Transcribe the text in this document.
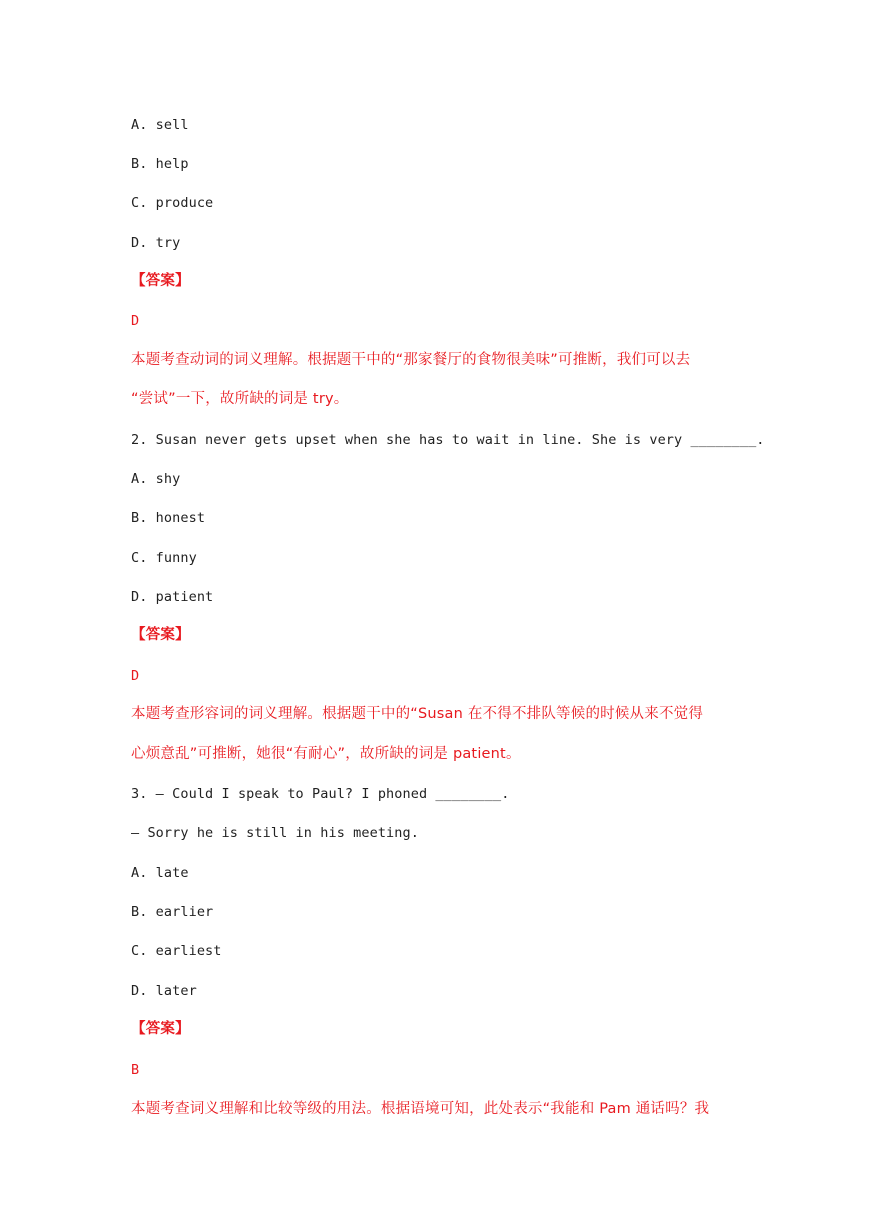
A. sell
B. help
C. produce
D. try
【答案】
D
本题考查动词的词义理解。根据题干中的“那家餐厅的食物很美味”可推断，我们可以去
“尝试”一下，故所缺的词是 try。
2. Susan never gets upset when she has to wait in line. She is very ________.
A. shy
B. honest
C. funny
D. patient
【答案】
D
本题考查形容词的词义理解。根据题干中的“Susan 在不得不排队等候的时候从来不觉得
心烦意乱”可推断，她很“有耐心”，故所缺的词是 patient。
3. — Could I speak to Paul? I phoned ________.
— Sorry he is still in his meeting.
A. late
B. earlier
C. earliest
D. later
【答案】
B
本题考查词义理解和比较等级的用法。根据语境可知，此处表示“我能和 Pam 通话吗？我
